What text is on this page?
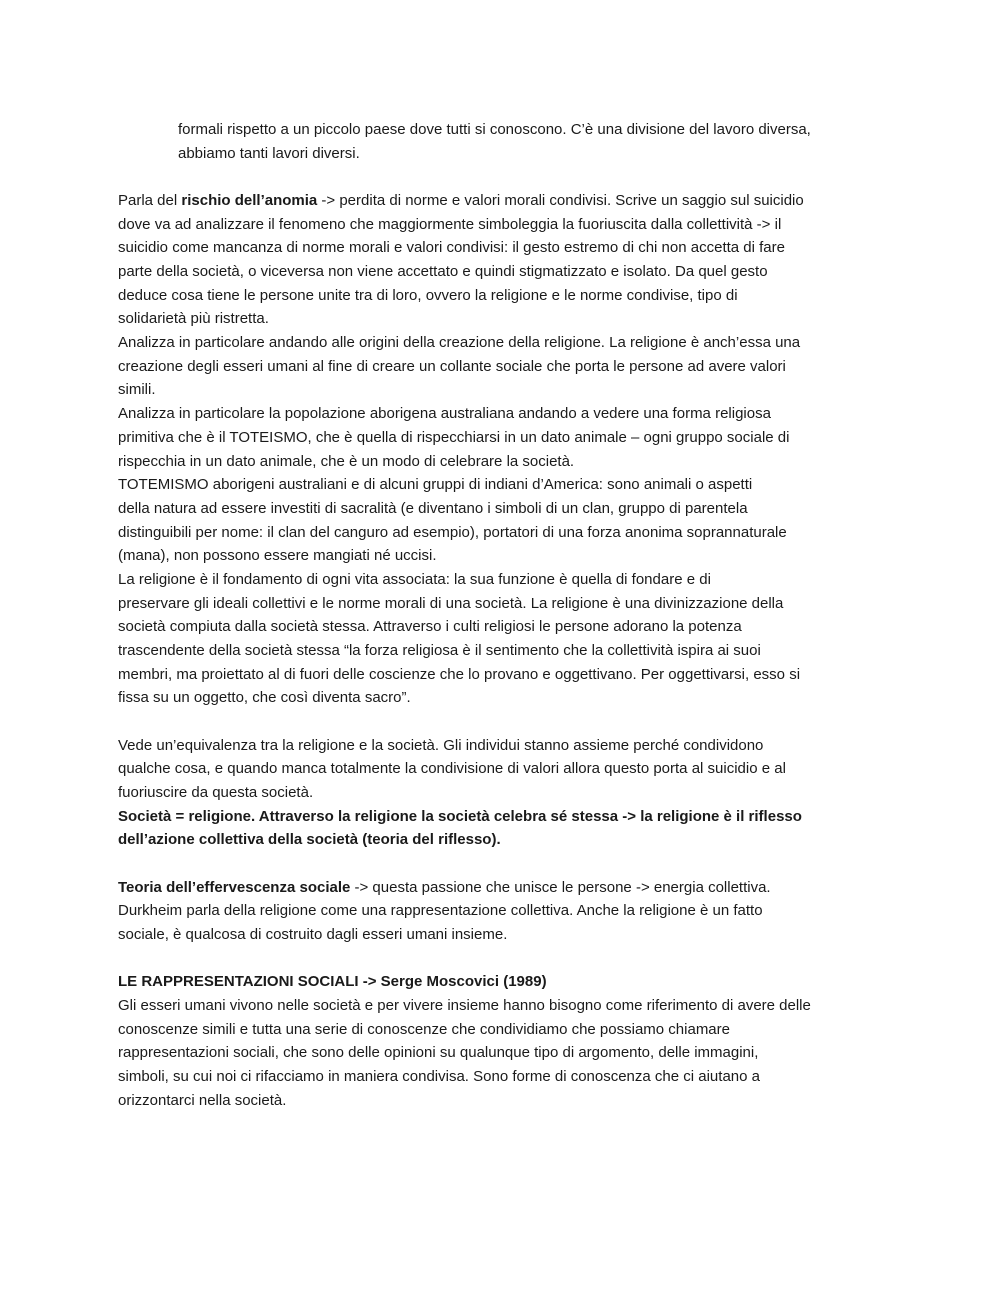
formali rispetto a un piccolo paese dove tutti si conoscono. C’è una divisione del lavoro diversa,
abbiamo tanti lavori diversi.
Parla del rischio dell’anomia -> perdita di norme e valori morali condivisi. Scrive un saggio sul suicidio
dove va ad analizzare il fenomeno che maggiormente simboleggia la fuoriuscita dalla collettività -> il
suicidio come mancanza di norme morali e valori condivisi: il gesto estremo di chi non accetta di fare
parte della società, o viceversa non viene accettato e quindi stigmatizzato e isolato. Da quel gesto
deduce cosa tiene le persone unite tra di loro, ovvero la religione e le norme condivise, tipo di
solidarietà più ristretta.
Analizza in particolare andando alle origini della creazione della religione. La religione è anch’essa una
creazione degli esseri umani al fine di creare un collante sociale che porta le persone ad avere valori
simili.
Analizza in particolare la popolazione aborigena australiana andando a vedere una forma religiosa
primitiva che è il TOTEISMO, che è quella di rispecchiarsi in un dato animale – ogni gruppo sociale di
rispecchia in un dato animale, che è un modo di celebrare la società.
TOTEMISMO aborigeni australiani e di alcuni gruppi di indiani d’America: sono animali o aspetti
della natura ad essere investiti di sacralità (e diventano i simboli di un clan, gruppo di parentela
distinguibili per nome: il clan del canguro ad esempio), portatori di una forza anonima soprannaturale
(mana), non possono essere mangiati né uccisi.
La religione è il fondamento di ogni vita associata: la sua funzione è quella di fondare e di
preservare gli ideali collettivi e le norme morali di una società. La religione è una divinizzazione della
società compiuta dalla società stessa. Attraverso i culti religiosi le persone adorano la potenza
trascendente della società stessa “la forza religiosa è il sentimento che la collettività ispira ai suoi
membri, ma proiettato al di fuori delle coscienze che lo provano e oggettivano. Per oggettivarsi, esso si
fissa su un oggetto, che così diventa sacro”.
Vede un’equivalenza tra la religione e la società. Gli individui stanno assieme perché condividono
qualche cosa, e quando manca totalmente la condivisione di valori allora questo porta al suicidio e al
fuoriuscire da questa società.
Società = religione. Attraverso la religione la società celebra sé stessa -> la religione è il riflesso
dell’azione collettiva della società (teoria del riflesso).
Teoria dell’effervescenza sociale -> questa passione che unisce le persone -> energia collettiva.
Durkheim parla della religione come una rappresentazione collettiva. Anche la religione è un fatto
sociale, è qualcosa di costruito dagli esseri umani insieme.
LE RAPPRESENTAZIONI SOCIALI -> Serge Moscovici (1989)
Gli esseri umani vivono nelle società e per vivere insieme hanno bisogno come riferimento di avere delle
conoscenze simili e tutta una serie di conoscenze che condividiamo che possiamo chiamare
rappresentazioni sociali, che sono delle opinioni su qualunque tipo di argomento, delle immagini,
simboli, su cui noi ci rifacciamo in maniera condivisa. Sono forme di conoscenza che ci aiutano a
orizzontarci nella società.
